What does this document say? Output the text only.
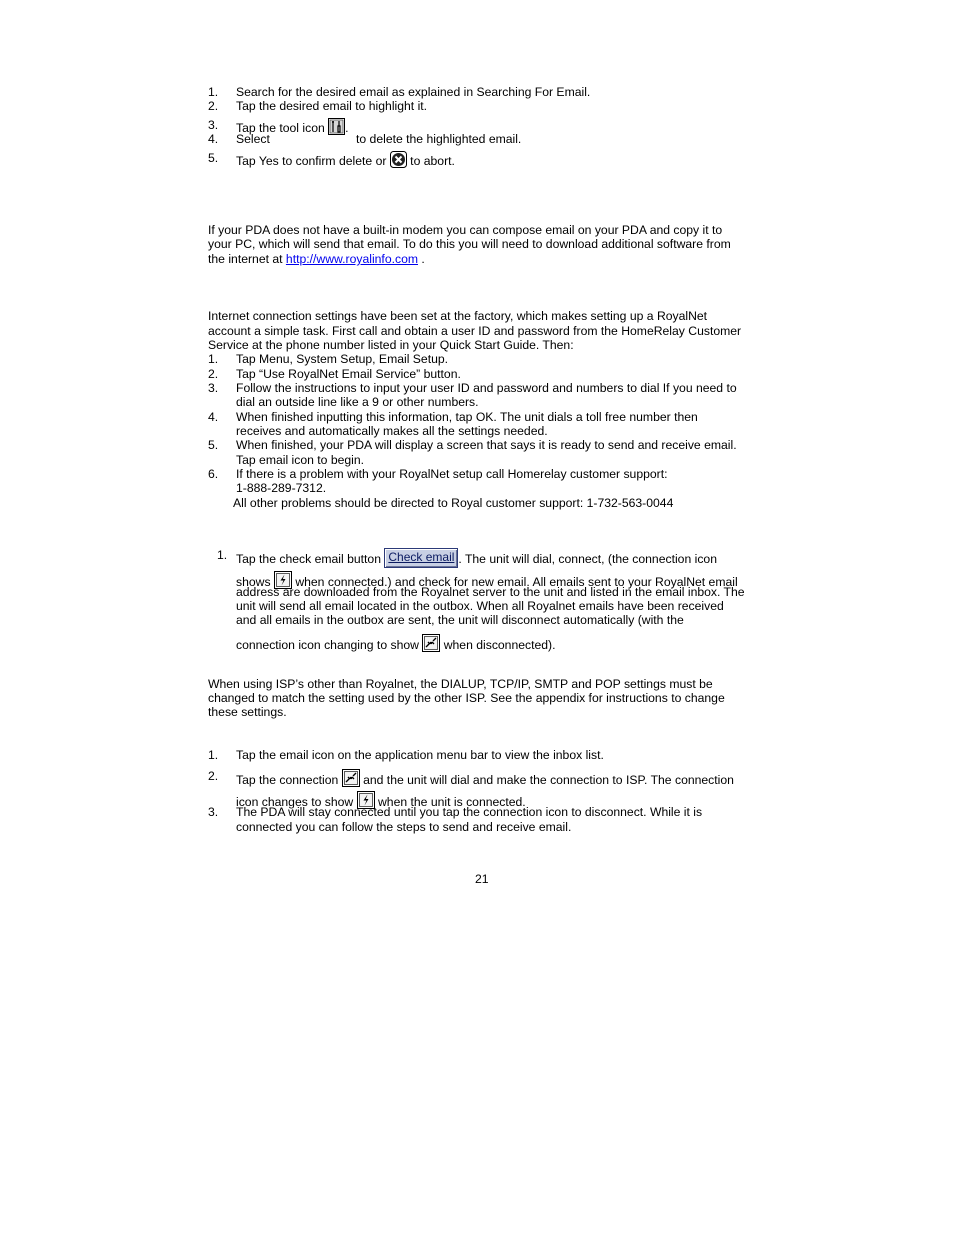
1. Search for the desired email as explained in Searching For Email.
2. Tap the desired email to highlight it.
3. Tap the tool icon .
4. Select	to delete the highlighted email.
5. Tap Yes to confirm delete or  to abort.
If your PDA does not have a built-in modem you can compose email on your PDA and copy it to
your PC, which will send that email. To do this you will need to download additional software from
the internet at http://www.royalinfo.com .
Internet connection settings have been set at the factory, which makes setting up a RoyalNet
account a simple task. First call and obtain a user ID and password from the HomeRelay Customer
Service at the phone number listed in your Quick Start Guide. Then:
1. Tap Menu, System Setup, Email Setup.
2. Tap “Use RoyalNet Email Service” button.
3. Follow the instructions to input your user ID and password and numbers to dial If you need to
dial an outside line like a 9 or other numbers.
4. When finished inputting this information, tap OK. The unit dials a toll free number then
receives and automatically makes all the settings needed.
5. When finished, your PDA will display a screen that says it is ready to send and receive email.
Tap email icon to begin.
6. If there is a problem with your RoyalNet setup call Homerelay customer support:
1-888-289-7312.
All other problems should be directed to Royal customer support: 1-732-563-0044
1. Tap the check email button Check email . The unit will dial, connect, (the connection icon
shows  when connected.) and check for new email. All emails sent to your RoyalNet email
address are downloaded from the Royalnet server to the unit and listed in the email inbox. The
unit will send all email located in the outbox. When all Royalnet emails have been received
and all emails in the outbox are sent, the unit will disconnect automatically (with the
connection icon changing to show  when disconnected).
When using ISP’s other than Royalnet, the DIALUP, TCP/IP, SMTP and POP settings must be
changed to match the setting used by the other ISP. See the appendix for instructions to change
these settings.
1. Tap the email icon on the application menu bar to view the inbox list.
2. Tap the connection  and the unit will dial and make the connection to ISP. The connection
icon changes to show  when the unit is connected.
3. The PDA will stay connected until you tap the connection icon to disconnect. While it is
connected you can follow the steps to send and receive email.
21
